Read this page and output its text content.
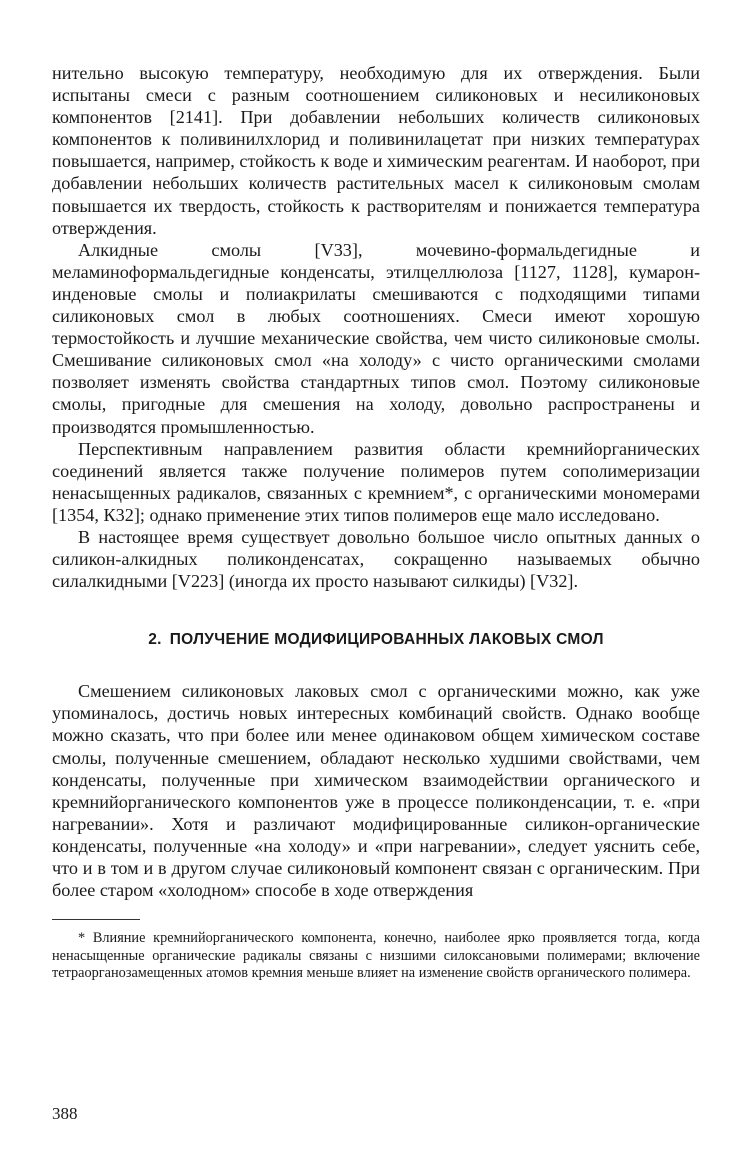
нительно высокую температуру, необходимую для их отверждения. Были испытаны смеси с разным соотношением силиконовых и несиликоновых компонентов [2141]. При добавлении небольших количеств силиконовых компонентов к поливинилхлорид и поливинилацетат при низких температурах повышается, например, стойкость к воде и химическим реагентам. И наоборот, при добавлении небольших количеств растительных масел к силиконовым смолам повышается их твердость, стойкость к растворителям и понижается температура отверждения.

Алкидные смолы [V33], мочевино-формальдегидные и меламиноформальдегидные конденсаты, этилцеллюлоза [1127, 1128], кумарон-инденовые смолы и полиакрилаты смешиваются с подходящими типами силиконовых смол в любых соотношениях. Смеси имеют хорошую термостойкость и лучшие механические свойства, чем чисто силиконовые смолы. Смешивание силиконовых смол «на холоду» с чисто органическими смолами позволяет изменять свойства стандартных типов смол. Поэтому силиконовые смолы, пригодные для смешения на холоду, довольно распространены и производятся промышленностью.

Перспективным направлением развития области кремнийорганических соединений является также получение полимеров путем сополимеризации ненасыщенных радикалов, связанных с кремнием*, с органическими мономерами [1354, К32]; однако применение этих типов полимеров еще мало исследовано.

В настоящее время существует довольно большое число опытных данных о силикон-алкидных поликонденсатах, сокращенно называемых обычно силалкидными [V223] (иногда их просто называют силкиды) [V32].

2. ПОЛУЧЕНИЕ МОДИФИЦИРОВАННЫХ ЛАКОВЫХ СМОЛ

Смешением силиконовых лаковых смол с органическими можно, как уже упоминалось, достичь новых интересных комбинаций свойств. Однако вообще можно сказать, что при более или менее одинаковом общем химическом составе смолы, полученные смешением, обладают несколько худшими свойствами, чем конденсаты, полученные при химическом взаимодействии органического и кремнийорганического компонентов уже в процессе поликонденсации, т. е. «при нагревании». Хотя и различают модифицированные силикон-органические конденсаты, полученные «на холоду» и «при нагревании», следует уяснить себе, что и в том и в другом случае силиконовый компонент связан с органическим. При более старом «холодном» способе в ходе отверждения

* Влияние кремнийорганического компонента, конечно, наиболее ярко проявляется тогда, когда ненасыщенные органические радикалы связаны с низшими силоксановыми полимерами; включение тетраорганозамещенных атомов кремния меньше влияет на изменение свойств органического полимера.

388
